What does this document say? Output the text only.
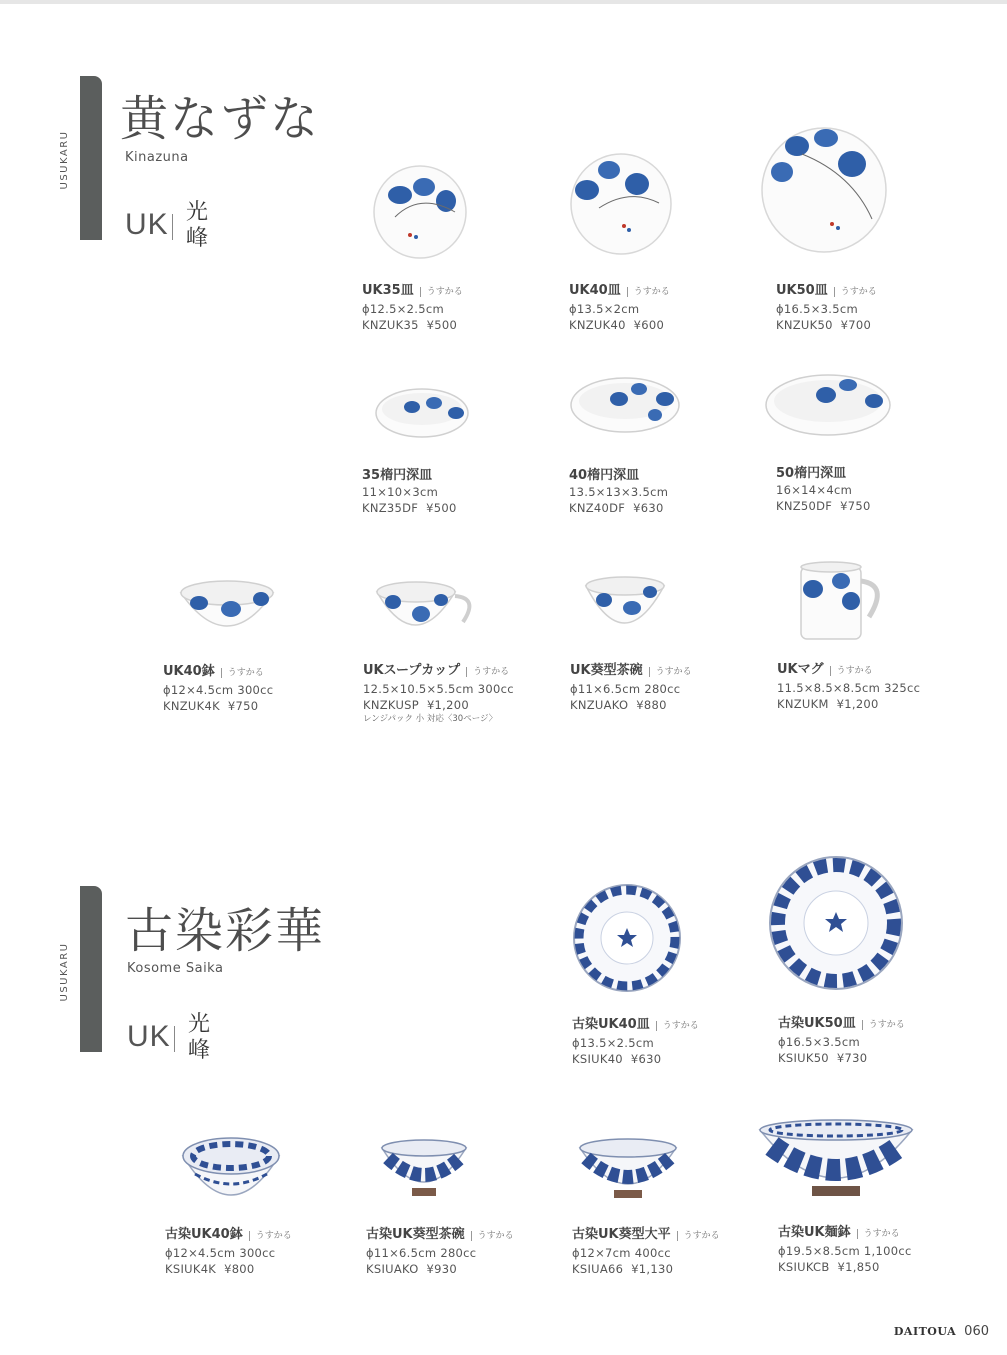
USUKARU
黄なずな
Kinazuna
UK 光峰
UK35皿 うすかる
ϕ12.5×2.5cm
KNZUK35 ¥500
UK40皿 うすかる
ϕ13.5×2cm
KNZUK40 ¥600
UK50皿 うすかる
ϕ16.5×3.5cm
KNZUK50 ¥700
35楕円深皿
11×10×3cm
KNZ35DF ¥500
40楕円深皿
13.5×13×3.5cm
KNZ40DF ¥630
50楕円深皿
16×14×4cm
KNZ50DF ¥750
UK40鉢 うすかる
ϕ12×4.5cm 300cc
KNZUK4K ¥750
UKスープカップ うすかる
12.5×10.5×5.5cm 300cc
KNZKUSP ¥1,200
レンジパック 小 対応〈30ページ〉
UK葵型茶碗 うすかる
ϕ11×6.5cm 280cc
KNZUAKO ¥880
UKマグ うすかる
11.5×8.5×8.5cm 325cc
KNZUKM ¥1,200
USUKARU
古染彩華
Kosome Saika
UK 光峰
古染UK40皿 うすかる
ϕ13.5×2.5cm
KSIUK40 ¥630
古染UK50皿 うすかる
ϕ16.5×3.5cm
KSIUK50 ¥730
古染UK40鉢 うすかる
ϕ12×4.5cm 300cc
KSIUK4K ¥800
古染UK葵型茶碗 うすかる
ϕ11×6.5cm 280cc
KSIUAKO ¥930
古染UK葵型大平 うすかる
ϕ12×7cm 400cc
KSIUA66 ¥1,130
古染UK麺鉢 うすかる
ϕ19.5×8.5cm 1,100cc
KSIUKCB ¥1,850
DAITOUA 060
